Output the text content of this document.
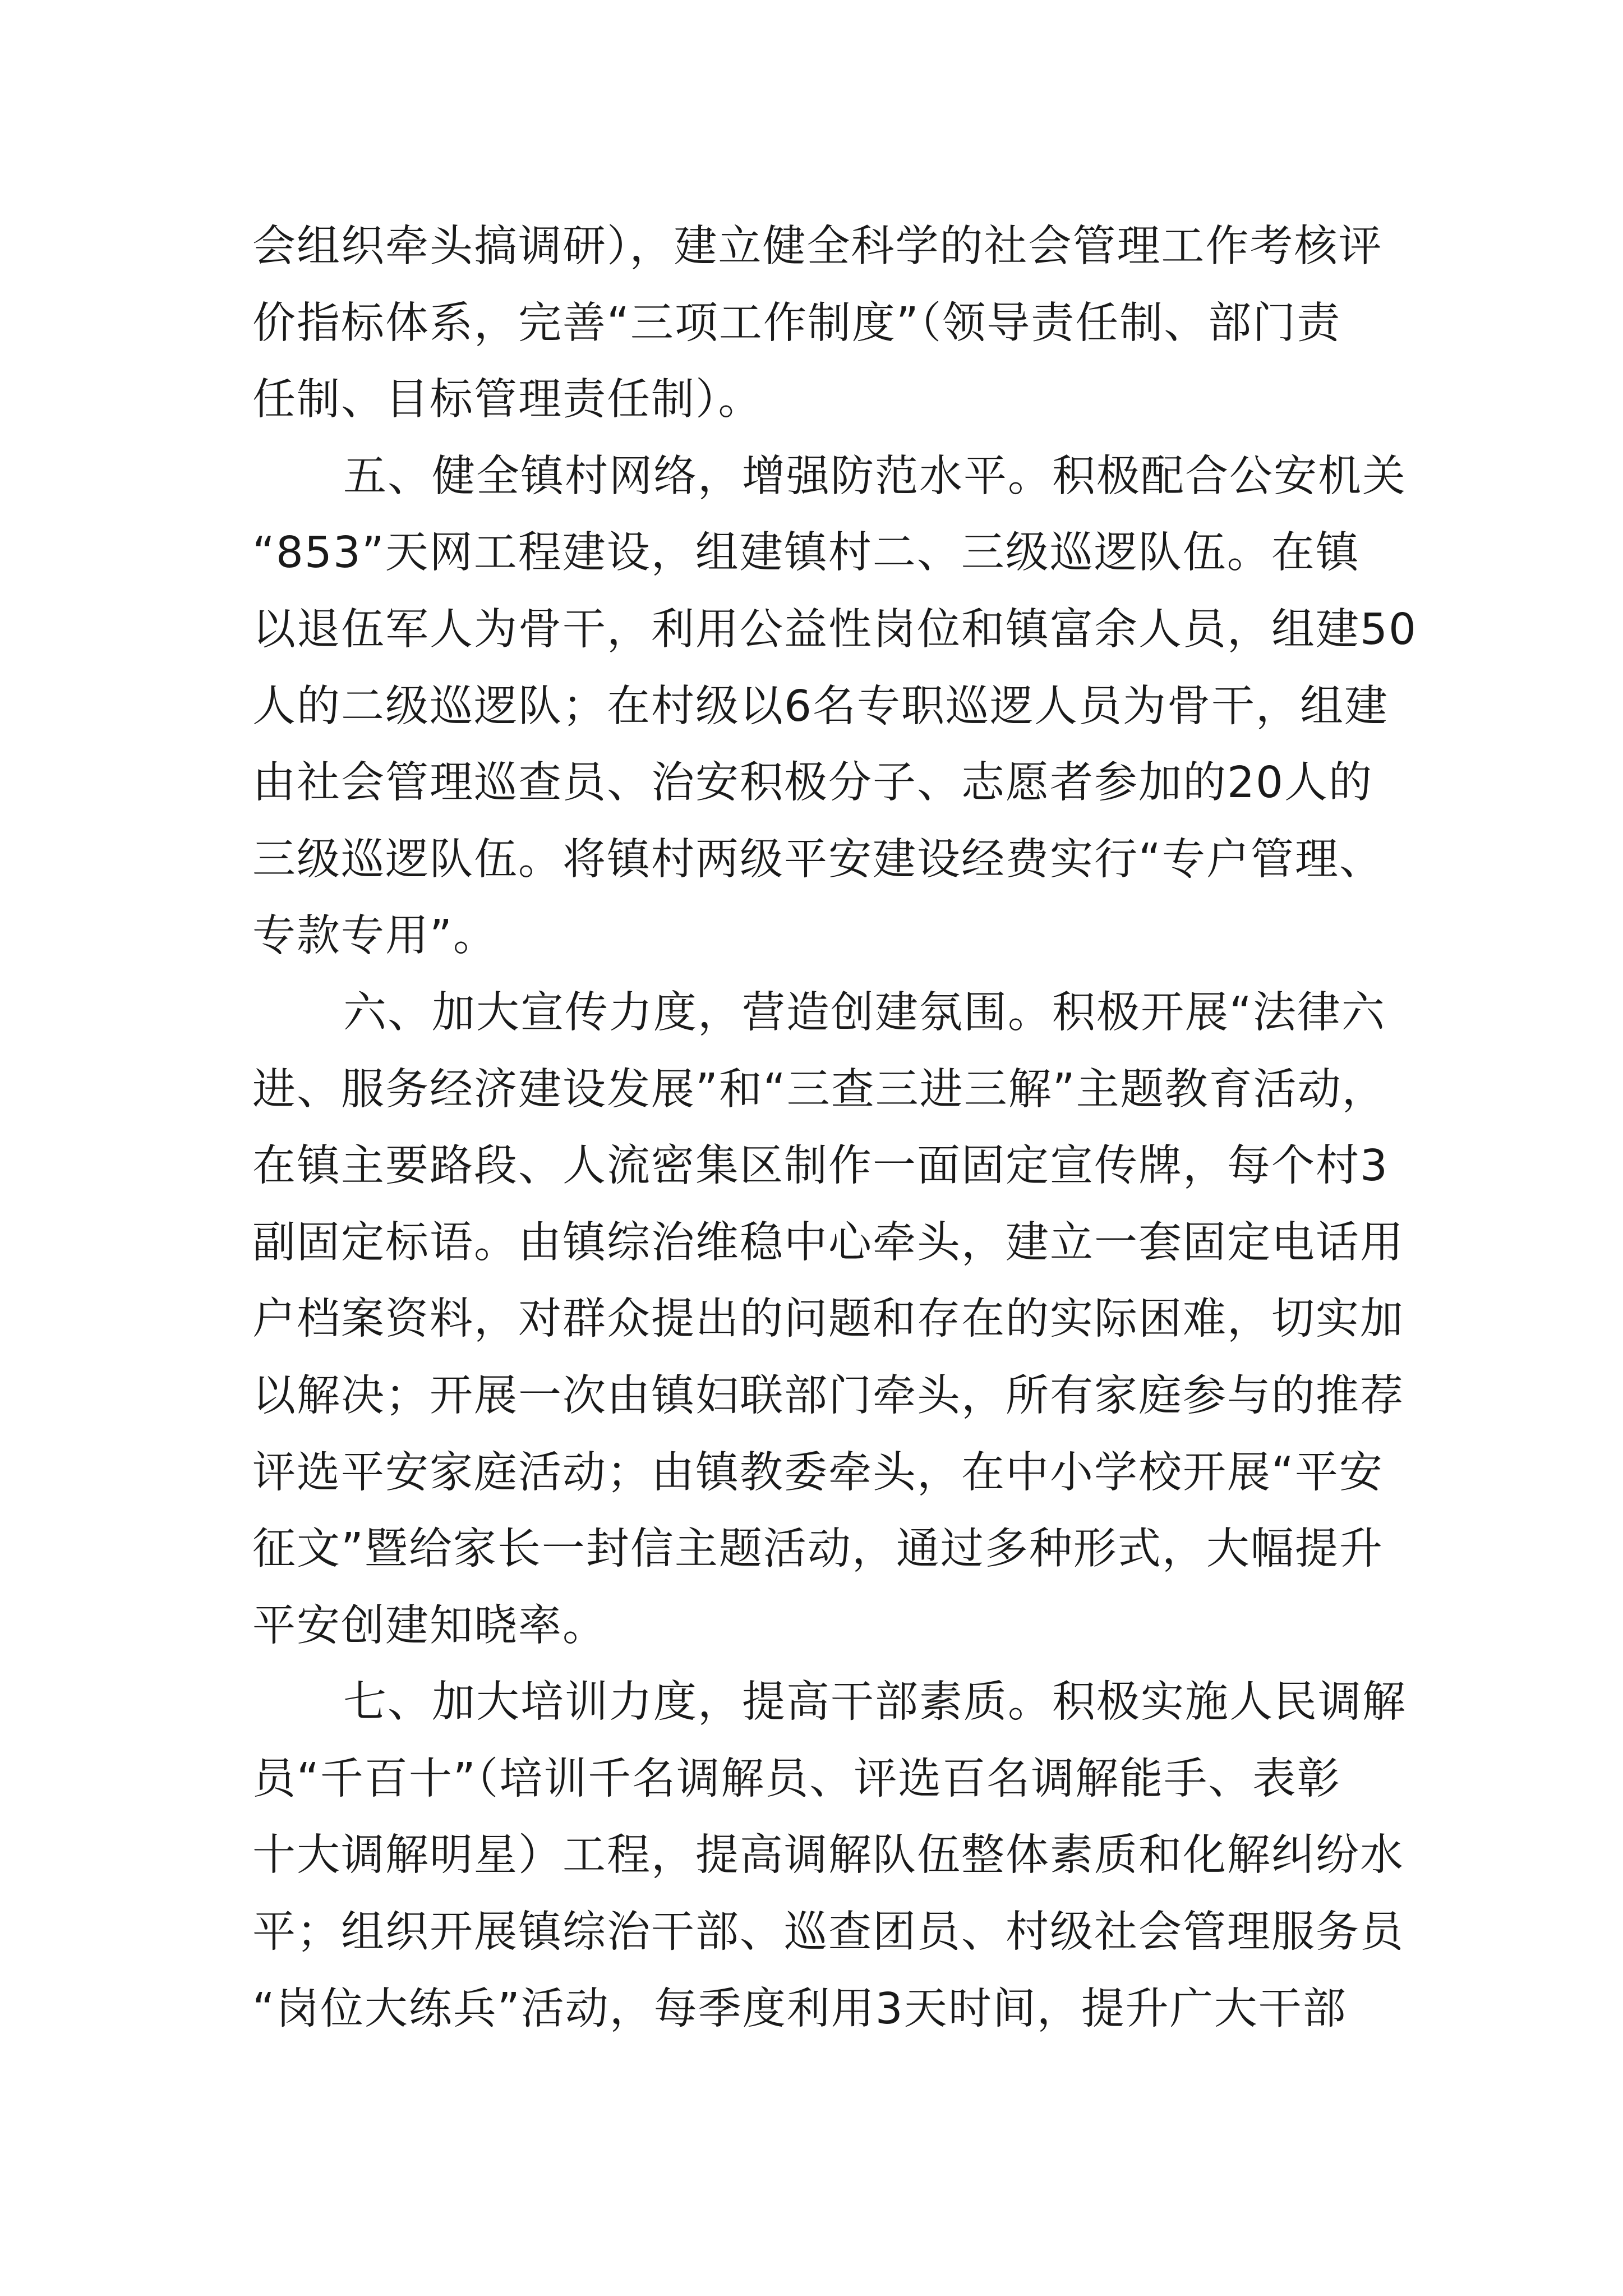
会组织牵头搞调研），建立健全科学的社会管理工作考核评
价指标体系，完善“三项工作制度”（领导责任制、部门责
任制、目标管理责任制）。
五、健全镇村网络，增强防范水平。积极配合公安机关
“853”天网工程建设，组建镇村二、三级巡逻队伍。在镇
以退伍军人为骨干，利用公益性岗位和镇富余人员，组建50
人的二级巡逻队；在村级以6名专职巡逻人员为骨干，组建
由社会管理巡查员、治安积极分子、志愿者参加的20人的
三级巡逻队伍。将镇村两级平安建设经费实行“专户管理、
专款专用”。
六、加大宣传力度，营造创建氛围。积极开展“法律六
进、服务经济建设发展”和“三查三进三解”主题教育活动，
在镇主要路段、人流密集区制作一面固定宣传牌，每个村3
副固定标语。由镇综治维稳中心牵头，建立一套固定电话用
户档案资料，对群众提出的问题和存在的实际困难，切实加
以解决；开展一次由镇妇联部门牵头，所有家庭参与的推荐
评选平安家庭活动；由镇教委牵头，在中小学校开展“平安
征文”暨给家长一封信主题活动，通过多种形式，大幅提升
平安创建知晓率。
七、加大培训力度，提高干部素质。积极实施人民调解
员“千百十”（培训千名调解员、评选百名调解能手、表彰
十大调解明星）工程，提高调解队伍整体素质和化解纠纷水
平；组织开展镇综治干部、巡查团员、村级社会管理服务员
“岗位大练兵”活动，每季度利用3天时间，提升广大干部
